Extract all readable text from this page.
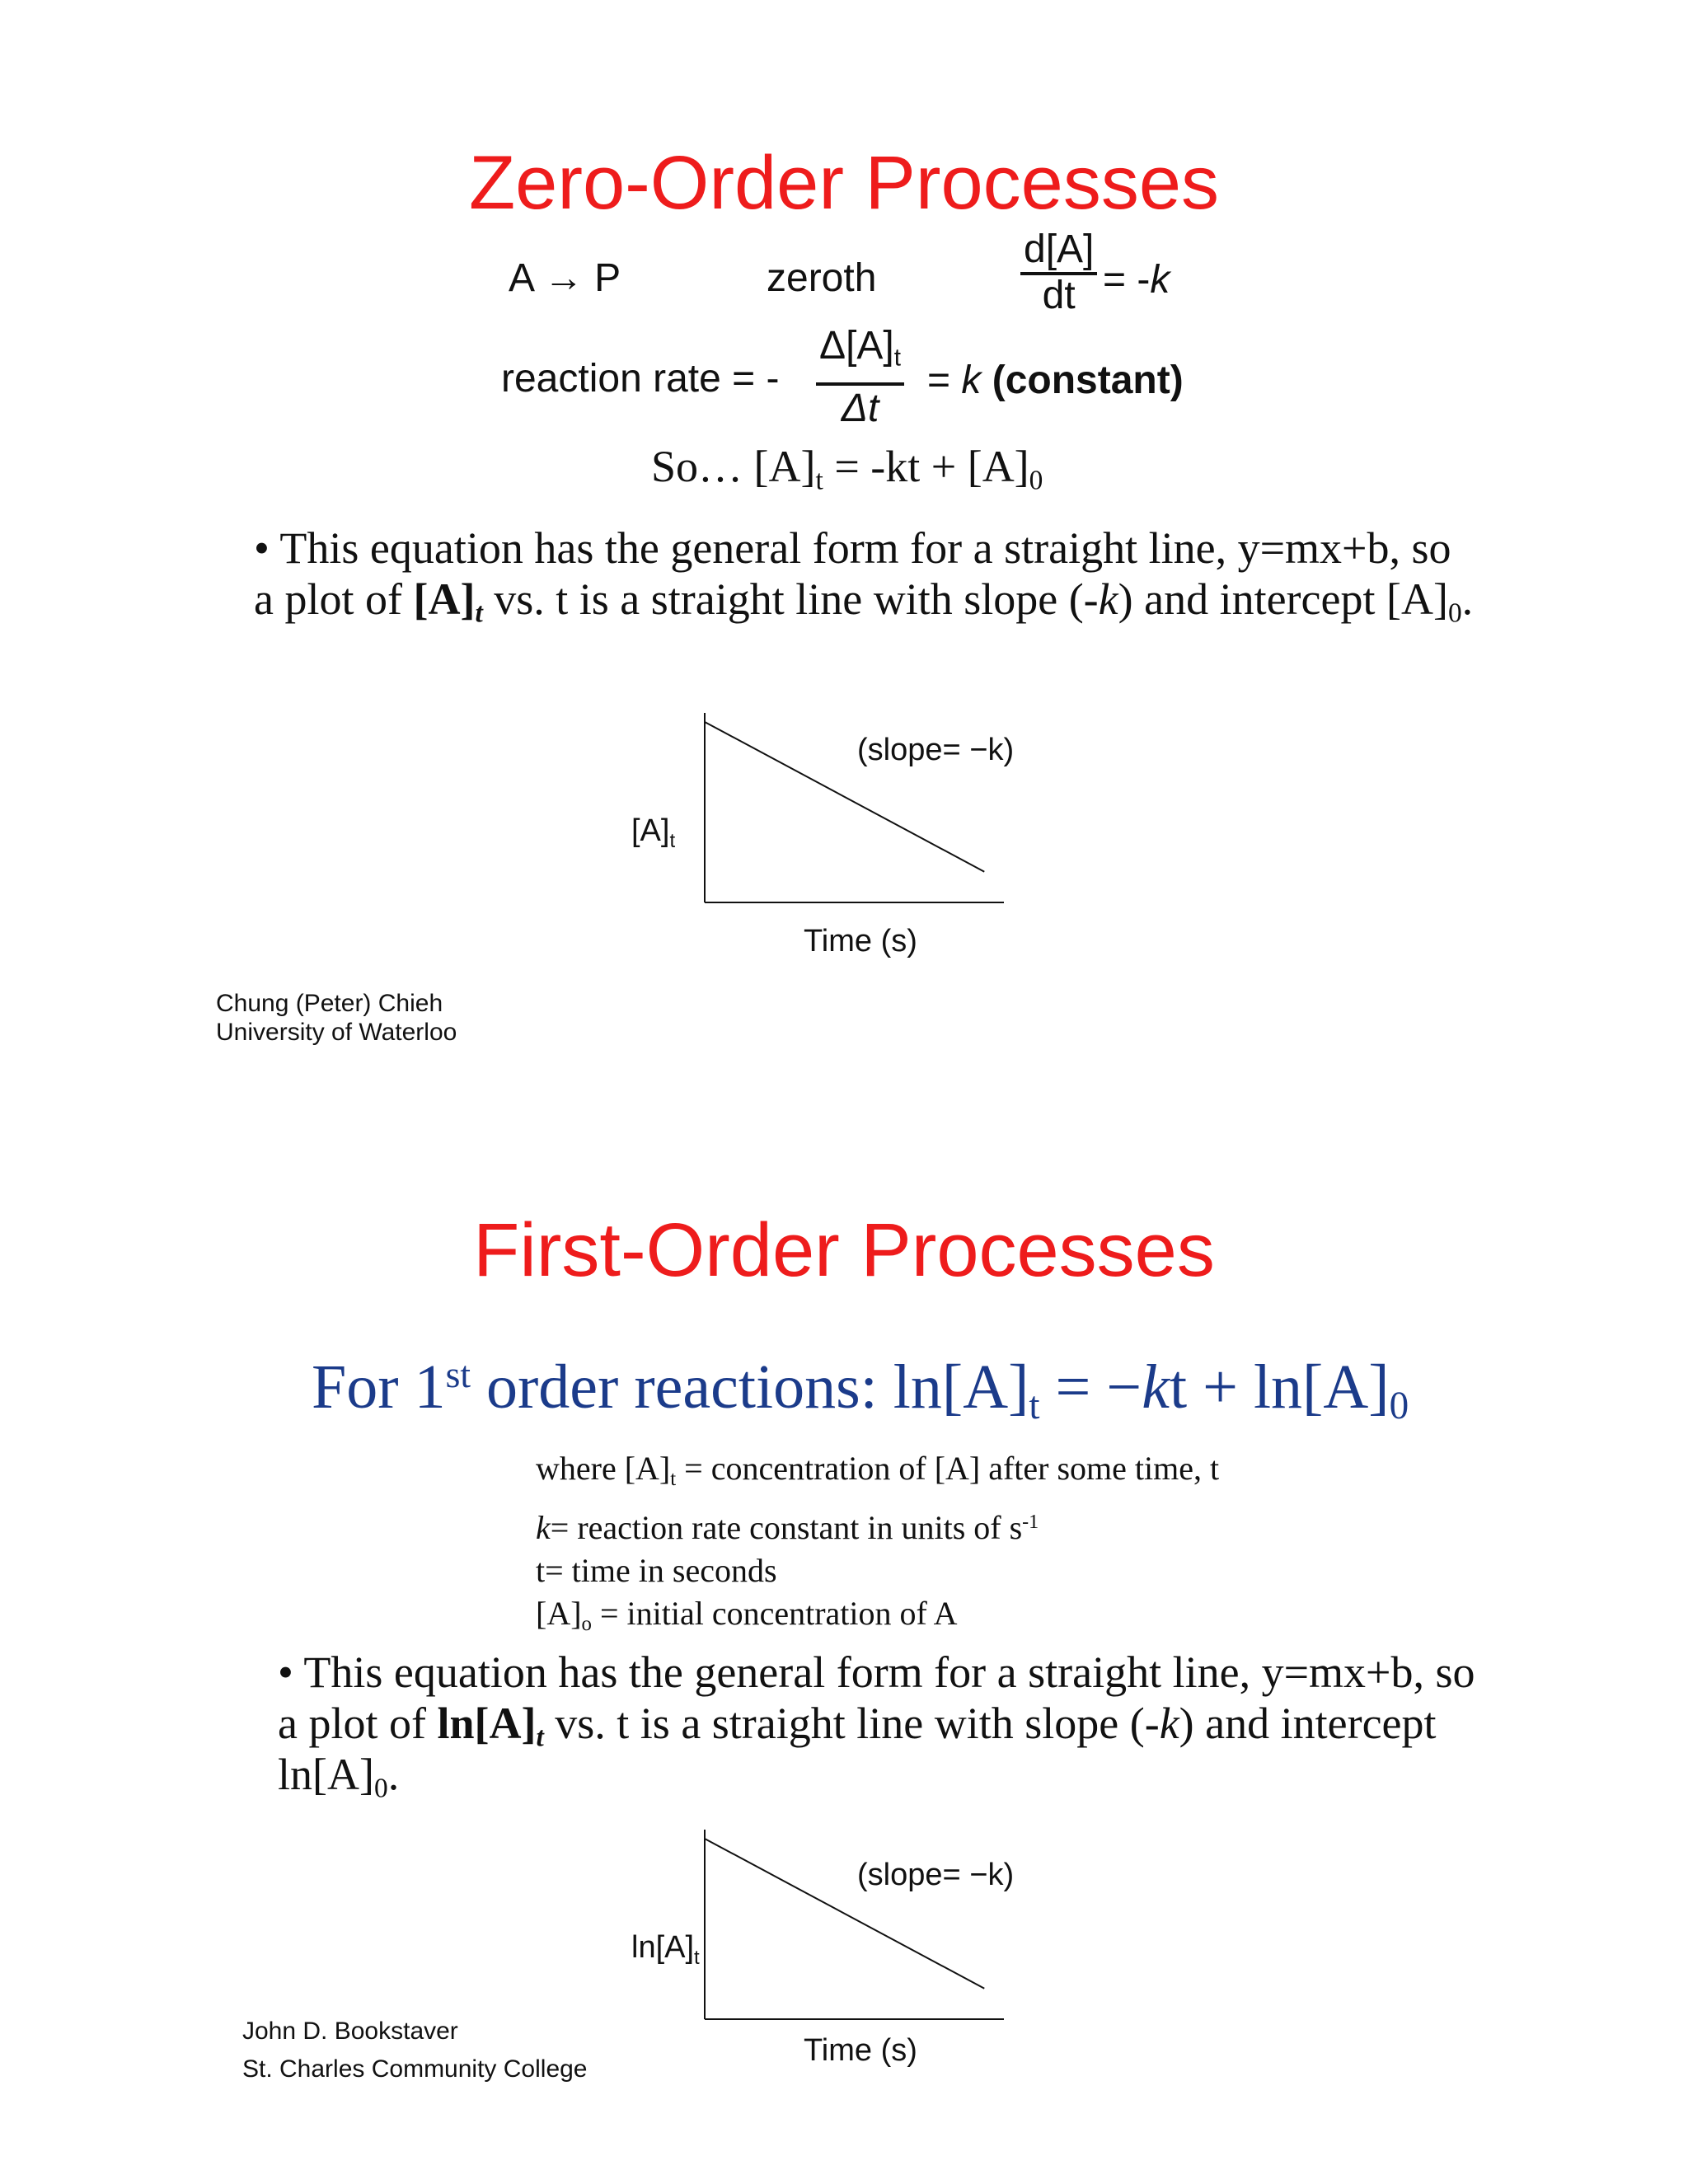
Zero-Order Processes
A → P	zeroth	$\frac{d[A]}{dt} = -k$
reaction rate = - $\frac{\Delta[A]_t}{\Delta t} = k$ (constant)
So… $[A]_t = -kt + [A]_0$
• This equation has the general form for a straight line, y=mx+b, so
a plot of $[A]_t$ vs. t is a straight line with slope (-k) and intercept $[A]_0$.
(slope= −k)
$[A]_t$
Time (s)
Chung (Peter) Chieh
University of Waterloo
First-Order Processes
For 1st order reactions: $\ln[A]_t = -kt + \ln[A]_0$
where $[A]_t$ = concentration of [A] after some time, t
k= reaction rate constant in units of $s^{-1}$
t= time in seconds
$[A]_o$ = initial concentration of A
• This equation has the general form for a straight line, y=mx+b, so
a plot of $\ln[A]_t$ vs. t is a straight line with slope (-k) and intercept
$\ln[A]_0$.
(slope= −k)
$\ln[A]_t$
Time (s)
John D. Bookstaver
St. Charles Community College
